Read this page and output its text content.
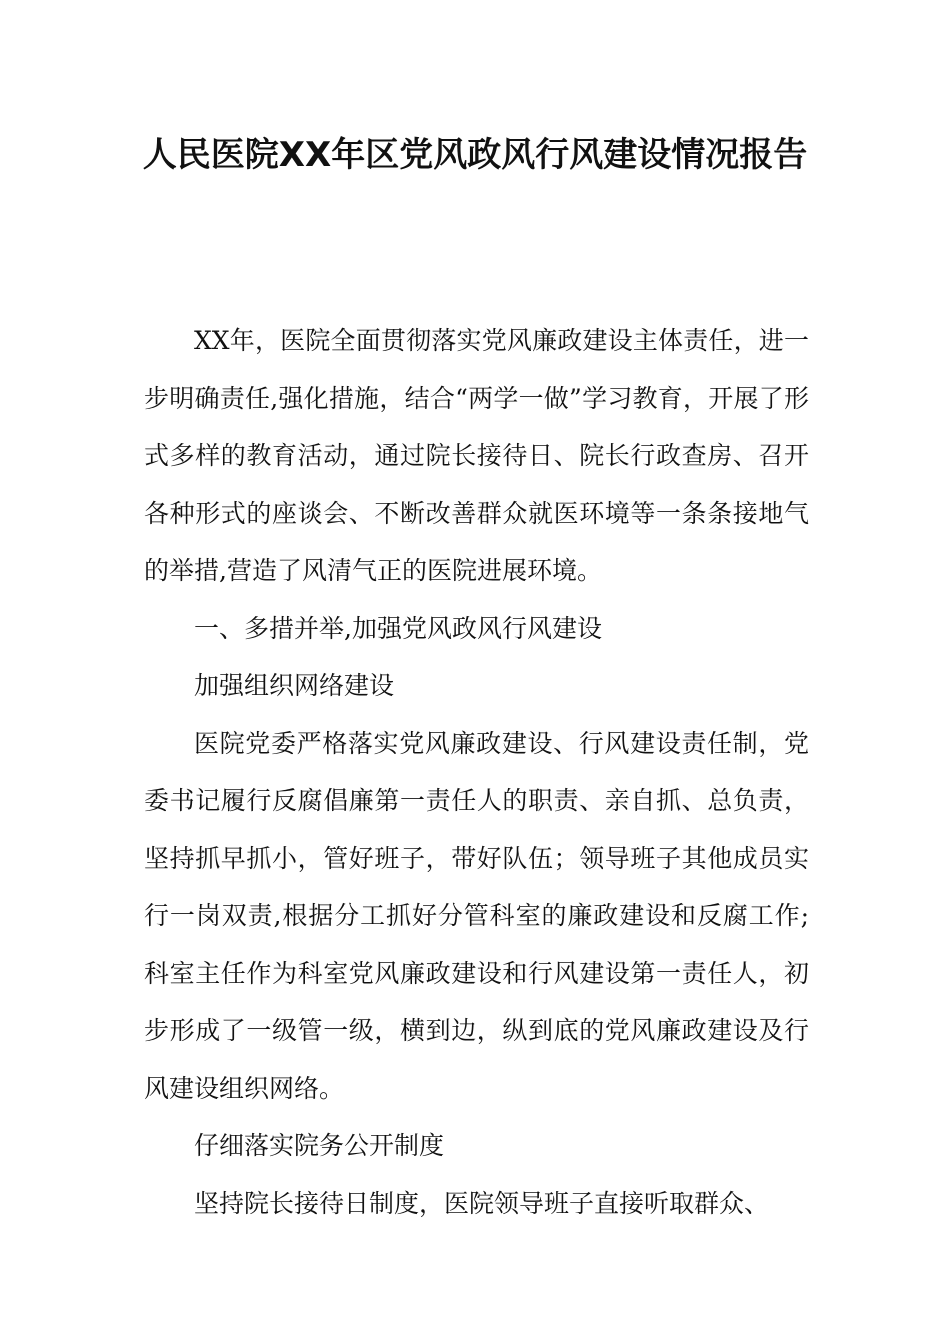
人民医院XX年区党风政风行风建设情况报告

XX年，医院全面贯彻落实党风廉政建设主体责任，进一步明确责任,强化措施，结合“两学一做”学习教育，开展了形式多样的教育活动，通过院长接待日、院长行政查房、召开各种形式的座谈会、不断改善群众就医环境等一条条接地气的举措,营造了风清气正的医院进展环境。

一、多措并举,加强党风政风行风建设

加强组织网络建设

医院党委严格落实党风廉政建设、行风建设责任制，党委书记履行反腐倡廉第一责任人的职责、亲自抓、总负责，坚持抓早抓小，管好班子，带好队伍；领导班子其他成员实行一岗双责,根据分工抓好分管科室的廉政建设和反腐工作;科室主任作为科室党风廉政建设和行风建设第一责任人，初步形成了一级管一级，横到边，纵到底的党风廉政建设及行风建设组织网络。

仔细落实院务公开制度

坚持院长接待日制度，医院领导班子直接听取群众、
